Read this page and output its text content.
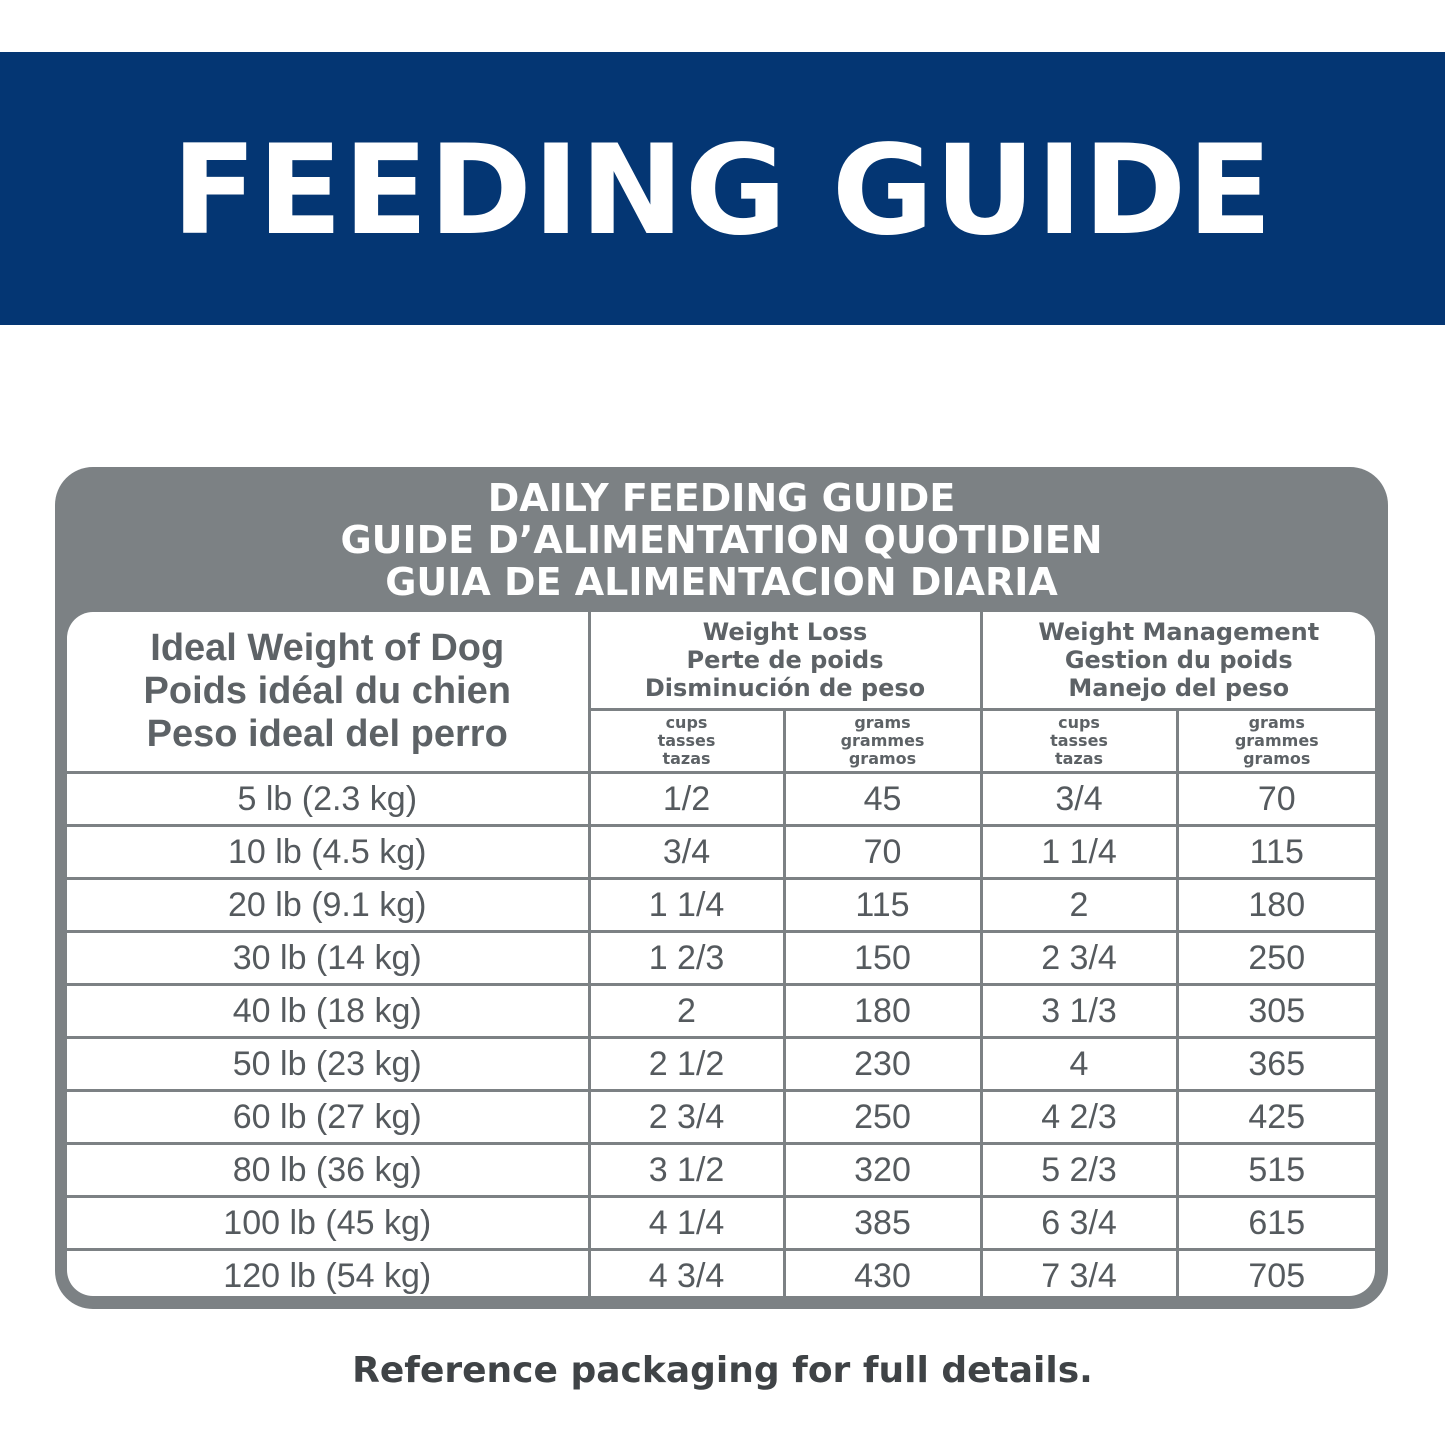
FEEDING GUIDE
DAILY FEEDING GUIDE
GUIDE D’ALIMENTATION QUOTIDIEN
GUIA DE ALIMENTACION DIARIA
Ideal Weight of Dog
Poids idéal du chien
Peso ideal del perro	Weight Loss
Perte de poids
Disminución de peso		Weight Management
Gestion du poids
Manejo del peso	

	cups
tasses
tazas	grams
grammes
gramos	cups
tasses
tazas	grams
grammes
gramos

5 lb (2.3 kg)	1/2	45	3/4	70
10 lb (4.5 kg)	3/4	70	1 1/4	115
20 lb (9.1 kg)	1 1/4	115	2	180
30 lb (14 kg)	1 2/3	150	2 3/4	250
40 lb (18 kg)	2	180	3 1/3	305
50 lb (23 kg)	2 1/2	230	4	365
60 lb (27 kg)	2 3/4	250	4 2/3	425
80 lb (36 kg)	3 1/2	320	5 2/3	515
100 lb (45 kg)	4 1/4	385	6 3/4	615
120 lb (54 kg)	4 3/4	430	7 3/4	705
Reference packaging for full details.
